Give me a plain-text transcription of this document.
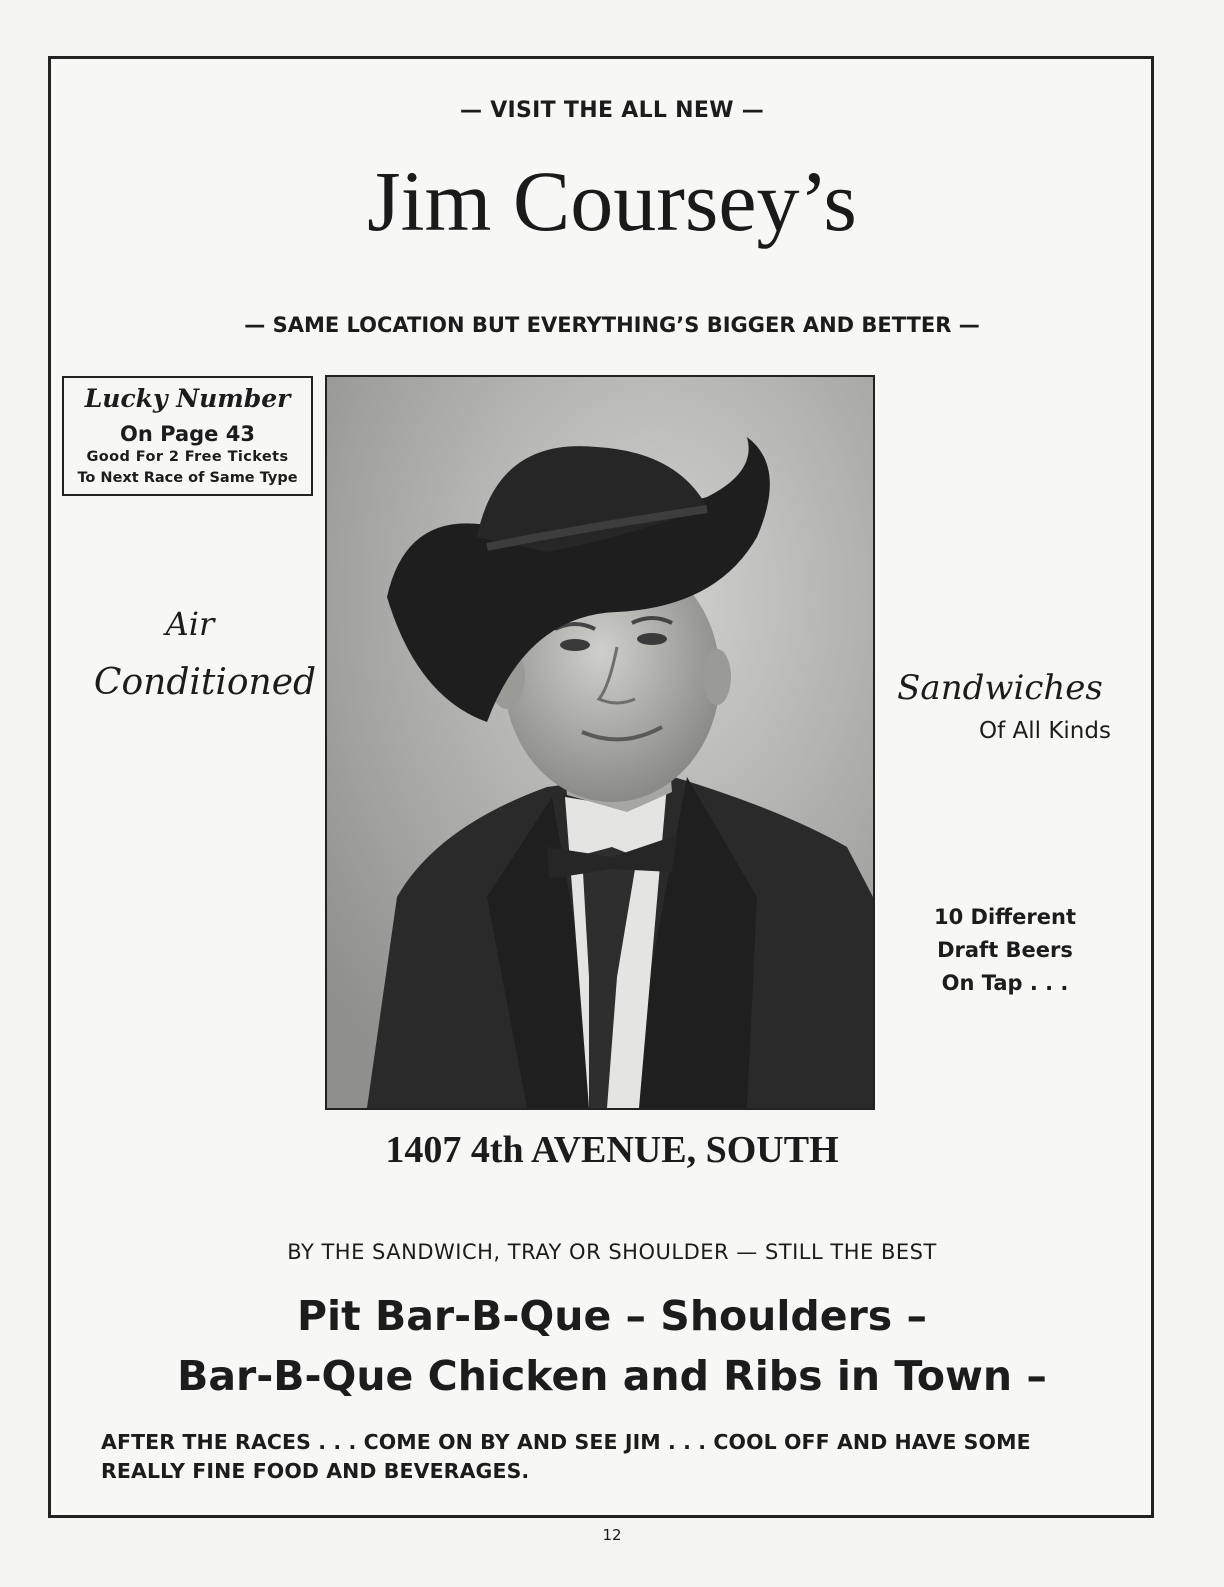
— VISIT THE ALL NEW —
Jim Coursey’s
— SAME LOCATION BUT EVERYTHING’S BIGGER AND BETTER —
Lucky Number
On Page 43
Good For 2 Free Tickets
To Next Race of Same Type
Air
Conditioned	Sandwiches
Of All Kinds
10 Different
Draft Beers
On Tap . . .
1407 4th AVENUE, SOUTH
BY THE SANDWICH, TRAY OR SHOULDER — STILL THE BEST
Pit Bar-B-Que – Shoulders –
Bar-B-Que Chicken and Ribs in Town –
AFTER THE RACES . . . COME ON BY AND SEE JIM . . . COOL OFF AND HAVE SOME
REALLY FINE FOOD AND BEVERAGES.
12
